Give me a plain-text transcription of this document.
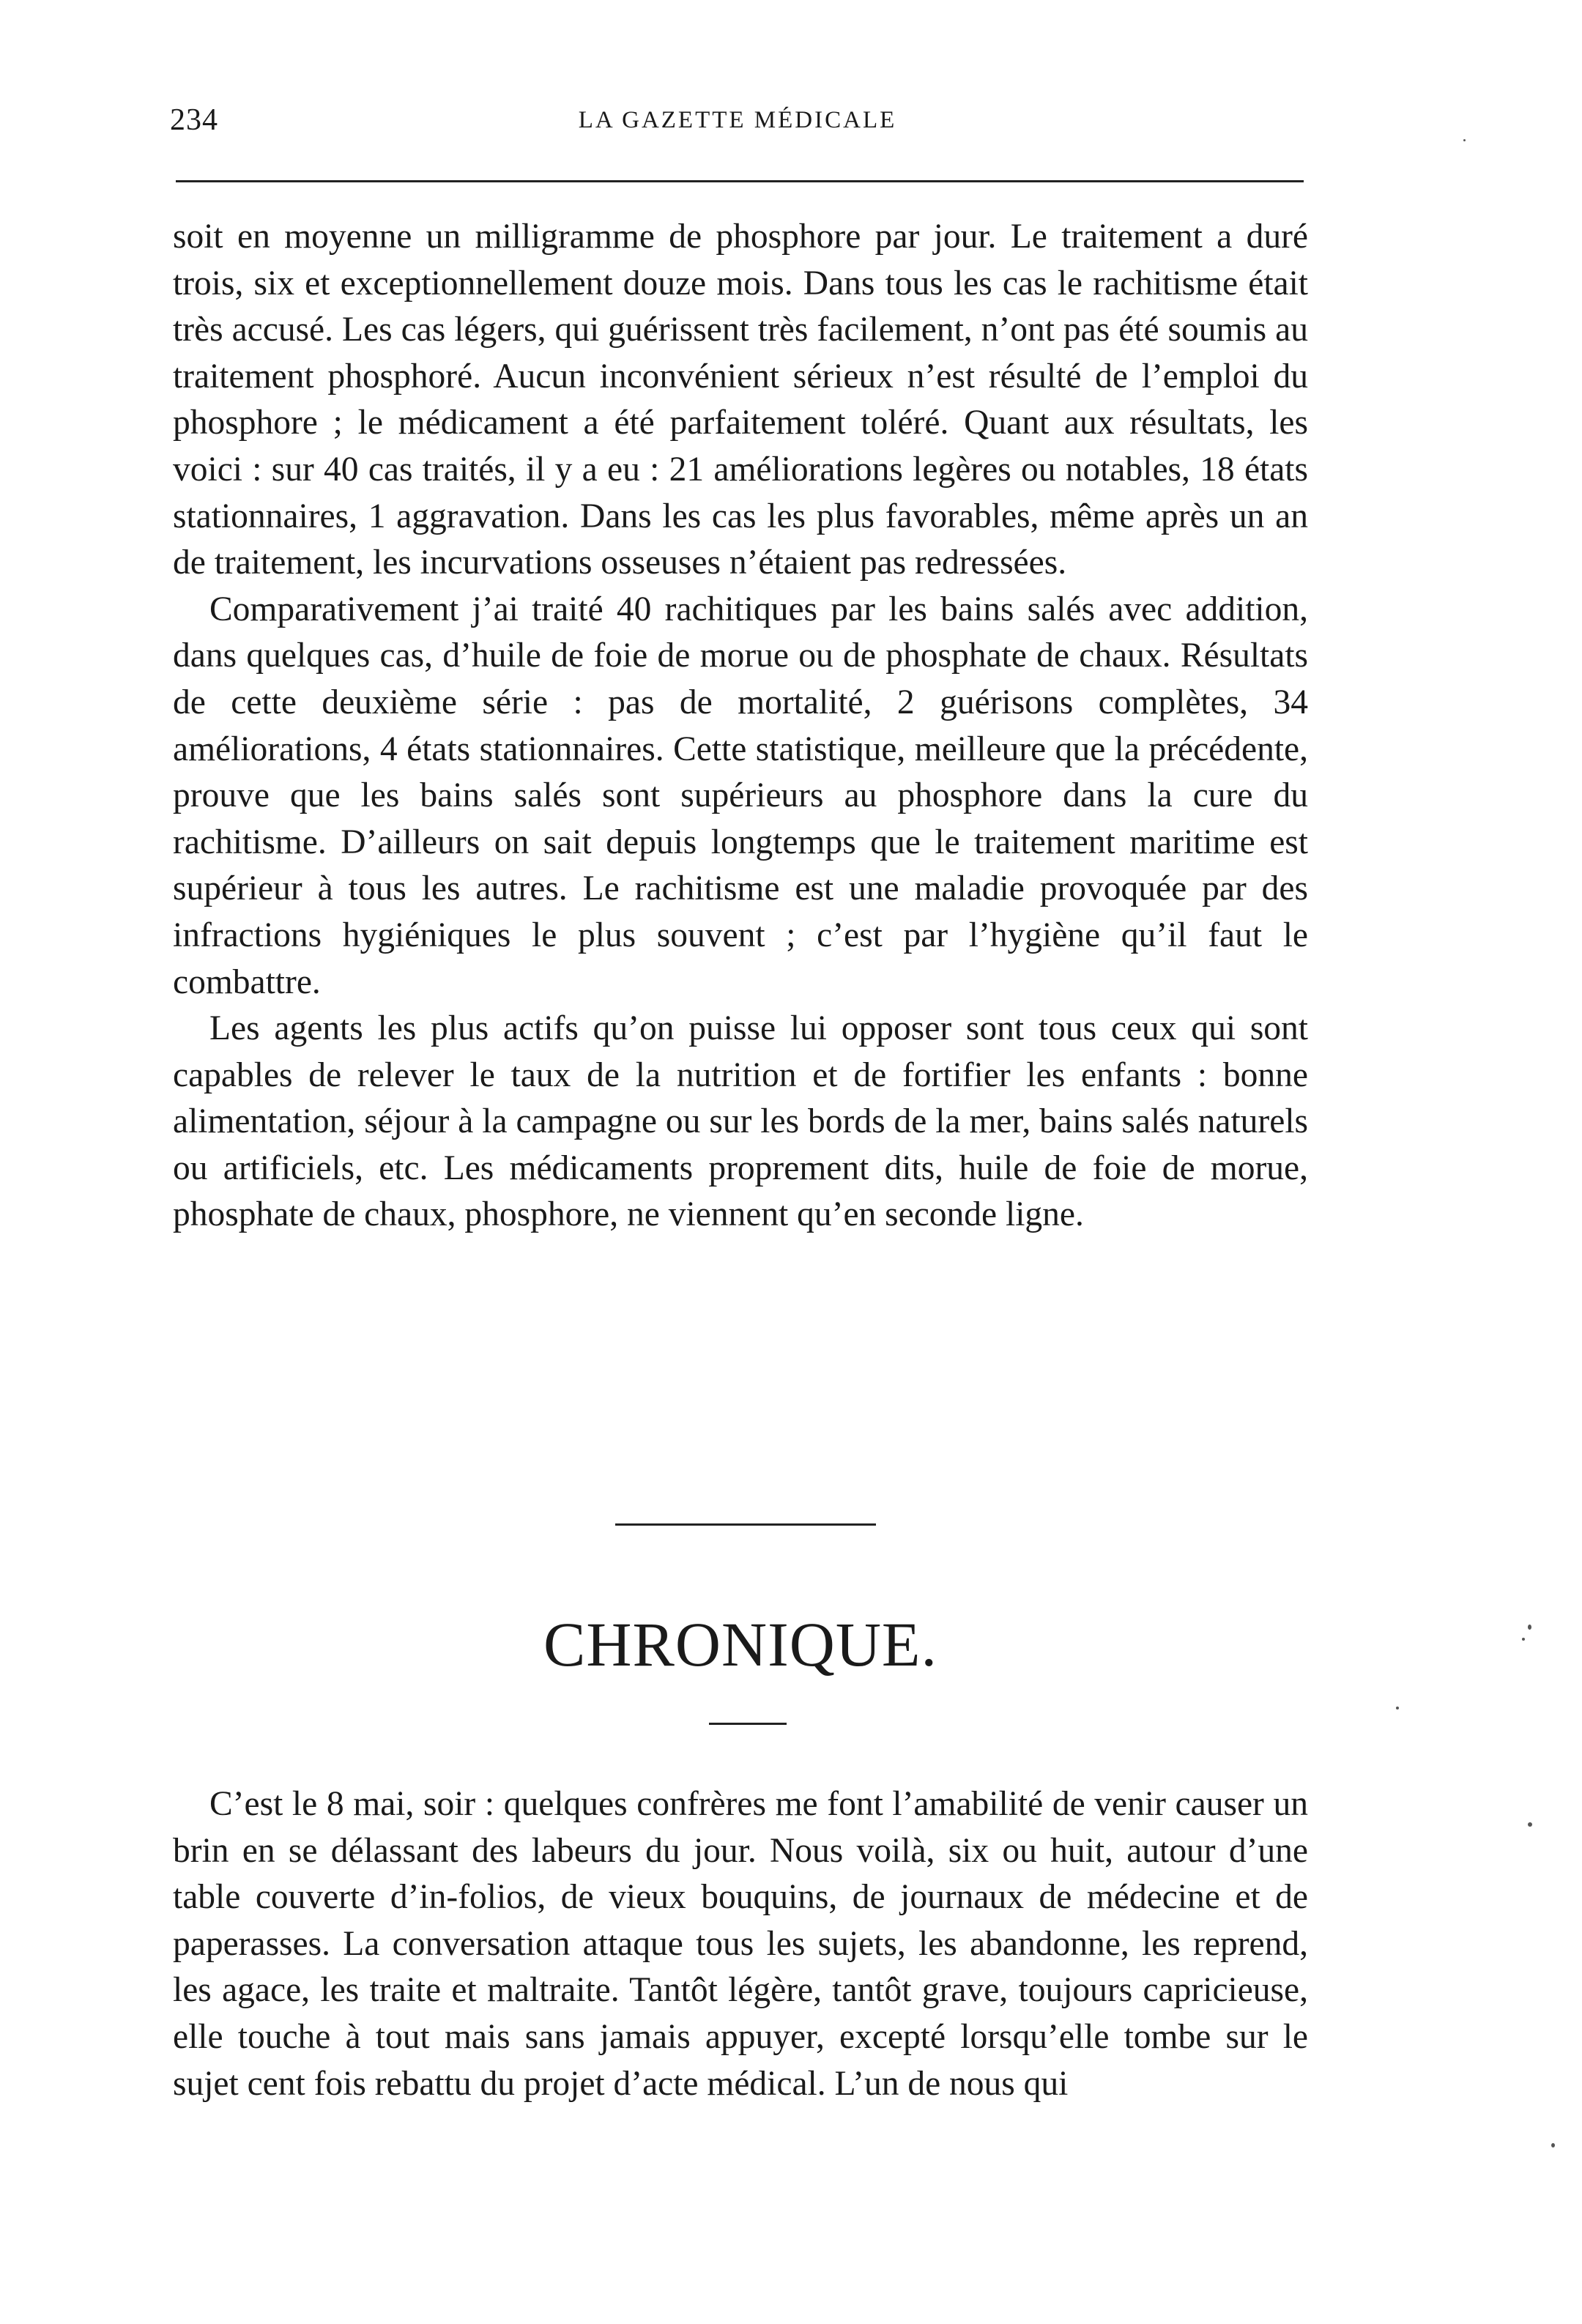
234	LA GAZETTE MÉDICALE

soit en moyenne un milligramme de phosphore par jour. Le traitement a duré trois, six et exceptionnellement douze mois. Dans tous les cas le rachitisme était très accusé. Les cas légers, qui guérissent très facilement, n’ont pas été soumis au traitement phosphoré. Aucun inconvénient sérieux n’est résulté de l’emploi du phosphore ; le médicament a été parfaitement toléré. Quant aux résultats, les voici : sur 40 cas traités, il y a eu : 21 améliorations legères ou notables, 18 états stationnaires, 1 aggravation. Dans les cas les plus favorables, même après un an de traitement, les incurvations osseuses n’étaient pas redressées.

Comparativement j’ai traité 40 rachitiques par les bains salés avec addition, dans quelques cas, d’huile de foie de morue ou de phosphate de chaux. Résultats de cette deuxième série : pas de mortalité, 2 guérisons complètes, 34 améliorations, 4 états stationnaires. Cette statistique, meilleure que la précédente, prouve que les bains salés sont supérieurs au phosphore dans la cure du rachitisme. D’ailleurs on sait depuis longtemps que le traitement maritime est supérieur à tous les autres. Le rachitisme est une maladie provoquée par des infractions hygiéniques le plus souvent ; c’est par l’hygiène qu’il faut le combattre.

Les agents les plus actifs qu’on puisse lui opposer sont tous ceux qui sont capables de relever le taux de la nutrition et de fortifier les enfants : bonne alimentation, séjour à la campagne ou sur les bords de la mer, bains salés naturels ou artificiels, etc. Les médicaments proprement dits, huile de foie de morue, phosphate de chaux, phosphore, ne viennent qu’en seconde ligne.

CHRONIQUE.

C’est le 8 mai, soir : quelques confrères me font l’amabilité de venir causer un brin en se délassant des labeurs du jour. Nous voilà, six ou huit, autour d’une table couverte d’in-folios, de vieux bouquins, de journaux de médecine et de paperasses. La conversation attaque tous les sujets, les abandonne, les reprend, les agace, les traite et maltraite. Tantôt légère, tantôt grave, toujours capricieuse, elle touche à tout mais sans jamais appuyer, excepté lorsqu’elle tombe sur le sujet cent fois rebattu du projet d’acte médical. L’un de nous qui
